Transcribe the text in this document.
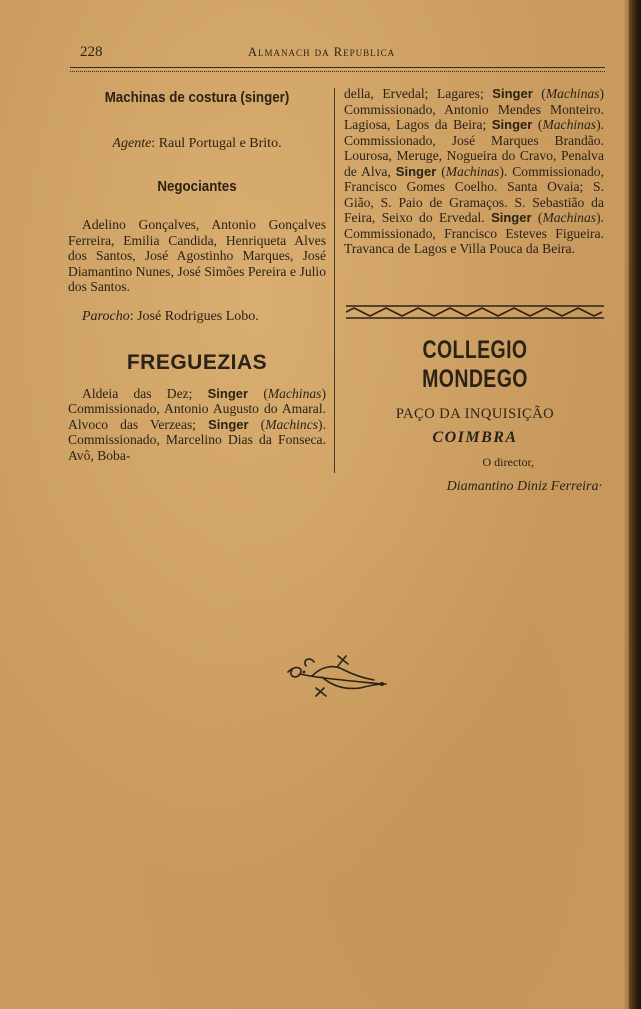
228	Almanach da Republica
Machinas de costura (singer)
Agente: Raul Portugal e Brito.
Negociantes

Adelino Gonçalves, Antonio Gonçalves Ferreira, Emilia Candida, Henriqueta Alves dos Santos, José Agostinho Marques, José Diamantino Nunes, José Simões Pereira e Julio dos Santos.

Parocho: José Rodrigues Lobo.
FREGUEZIAS

Aldeia das Dez; Singer (Machinas) Commissionado, Antonio Augusto do Amaral. Alvoco das Verzeas; Singer (Machincs). Commissionado, Marcelino Dias da Fonseca. Avô, Boba-

della, Ervedal; Lagares; Singer (Machinas) Commissionado, Antonio Mendes Monteiro. Lagiosa, Lagos da Beira; Singer (Machinas). Commissionado, José Marques Brandão. Lourosa, Meruge, Nogueira do Cravo, Penalva de Alva, Singer (Machinas). Commissionado, Francisco Gomes Coelho. Santa Ovaia; S. Gião, S. Paio de Gramaços. S. Sebastião da Feira, Seixo do Ervedal. Singer (Machinas). Commissionado, Francisco Esteves Figueira. Travanca de Lagos e Villa Pouca da Beira.

COLLEGIO MONDEGO
PAÇO DA INQUISIÇÃO
COIMBRA
O director,
Diamantino Diniz Ferreira·
